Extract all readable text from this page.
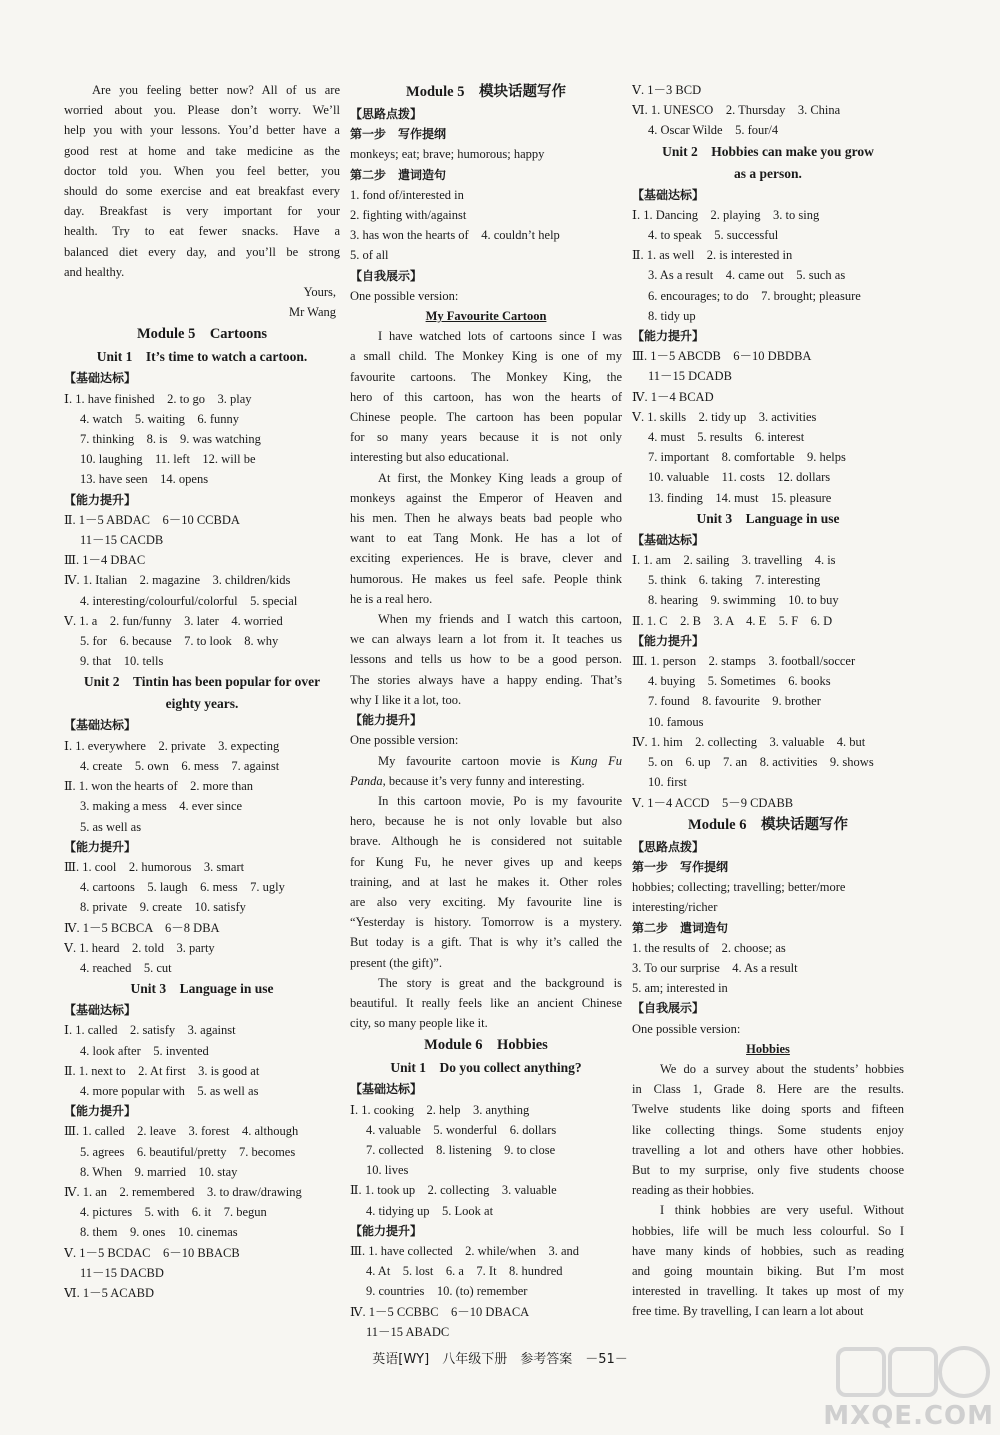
Are you feeling better now? All of us are
worried about you. Please don’t worry. We’ll
help you with your lessons. You’d better have a
good rest at home and take medicine as the
doctor told you. When you feel better, you
should do some exercise and eat breakfast every
day. Breakfast is very important for your
health. Try to eat fewer snacks. Have a
balanced diet every day, and you’ll be strong
and healthy.
Yours,
Mr Wang
Module 5　Cartoons
Unit 1　It’s time to watch a cartoon.
【基础达标】
Ⅰ. 1. have finished　2. to go　3. play
4. watch　5. waiting　6. funny
7. thinking　8. is　9. was watching
10. laughing　11. left　12. will be
13. have seen　14. opens
【能力提升】
Ⅱ. 1－5 ABDAC　6－10 CCBDA
11－15 CACDB
Ⅲ. 1－4 DBAC
Ⅳ. 1. Italian　2. magazine　3. children/kids
4. interesting/colourful/colorful　5. special
Ⅴ. 1. a　2. fun/funny　3. later　4. worried
5. for　6. because　7. to look　8. why
9. that　10. tells
Unit 2　Tintin has been popular for over
eighty years.
【基础达标】
Ⅰ. 1. everywhere　2. private　3. expecting
4. create　5. own　6. mess　7. against
Ⅱ. 1. won the hearts of　2. more than
3. making a mess　4. ever since
5. as well as
【能力提升】
Ⅲ. 1. cool　2. humorous　3. smart
4. cartoons　5. laugh　6. mess　7. ugly
8. private　9. create　10. satisfy
Ⅳ. 1－5 BCBCA　6－8 DBA
Ⅴ. 1. heard　2. told　3. party
4. reached　5. cut
Unit 3　Language in use
【基础达标】
Ⅰ. 1. called　2. satisfy　3. against
4. look after　5. invented
Ⅱ. 1. next to　2. At first　3. is good at
4. more popular with　5. as well as
【能力提升】
Ⅲ. 1. called　2. leave　3. forest　4. although
5. agrees　6. beautiful/pretty　7. becomes
8. When　9. married　10. stay
Ⅳ. 1. an　2. remembered　3. to draw/drawing
4. pictures　5. with　6. it　7. begun
8. them　9. ones　10. cinemas
Ⅴ. 1－5 BCDAC　6－10 BBACB
11－15 DACBD
Ⅵ. 1－5 ACABD
Module 5　模块话题写作
【思路点拨】
第一步　写作提纲
monkeys; eat; brave; humorous; happy
第二步　遣词造句
1. fond of/interested in
2. fighting with/against
3. has won the hearts of　4. couldn’t help
5. of all
【自我展示】
One possible version:
My Favourite Cartoon
I have watched lots of cartoons since I was
a small child. The Monkey King is one of my
favourite cartoons. The Monkey King, the
hero of this cartoon, has won the hearts of
Chinese people. The cartoon has been popular
for so many years because it is not only
interesting but also educational.
At first, the Monkey King leads a group of
monkeys against the Emperor of Heaven and
his men. Then he always beats bad people who
want to eat Tang Monk. He has a lot of
exciting experiences. He is brave, clever and
humorous. He makes us feel safe. People think
he is a real hero.
When my friends and I watch this cartoon,
we can always learn a lot from it. It teaches us
lessons and tells us how to be a good person.
The stories always have a happy ending. That’s
why I like it a lot, too.
【能力提升】
One possible version:
My favourite cartoon movie is Kung Fu
Panda, because it’s very funny and interesting.
In this cartoon movie, Po is my favourite
hero, because he is not only lovable but also
brave. Although he is considered not suitable
for Kung Fu, he never gives up and keeps
training, and at last he makes it. Other roles
are also very exciting. My favourite line is
“Yesterday is history. Tomorrow is a mystery.
But today is a gift. That is why it’s called the
present (the gift)”.
The story is great and the background is
beautiful. It really feels like an ancient Chinese
city, so many people like it.
Module 6　Hobbies
Unit 1　Do you collect anything?
【基础达标】
Ⅰ. 1. cooking　2. help　3. anything
4. valuable　5. wonderful　6. dollars
7. collected　8. listening　9. to close
10. lives
Ⅱ. 1. took up　2. collecting　3. valuable
4. tidying up　5. Look at
【能力提升】
Ⅲ. 1. have collected　2. while/when　3. and
4. At　5. lost　6. a　7. It　8. hundred
9. countries　10. (to) remember
Ⅳ. 1－5 CCBBC　6－10 DBACA
11－15 ABADC
Ⅴ. 1－3 BCD
Ⅵ. 1. UNESCO　2. Thursday　3. China
4. Oscar Wilde　5. four/4
Unit 2　Hobbies can make you grow
as a person.
【基础达标】
Ⅰ. 1. Dancing　2. playing　3. to sing
4. to speak　5. successful
Ⅱ. 1. as well　2. is interested in
3. As a result　4. came out　5. such as
6. encourages; to do　7. brought; pleasure
8. tidy up
【能力提升】
Ⅲ. 1－5 ABCDB　6－10 DBDBA
11－15 DCADB
Ⅳ. 1－4 BCAD
Ⅴ. 1. skills　2. tidy up　3. activities
4. must　5. results　6. interest
7. important　8. comfortable　9. helps
10. valuable　11. costs　12. dollars
13. finding　14. must　15. pleasure
Unit 3　Language in use
【基础达标】
Ⅰ. 1. am　2. sailing　3. travelling　4. is
5. think　6. taking　7. interesting
8. hearing　9. swimming　10. to buy
Ⅱ. 1. C　2. B　3. A　4. E　5. F　6. D
【能力提升】
Ⅲ. 1. person　2. stamps　3. football/soccer
4. buying　5. Sometimes　6. books
7. found　8. favourite　9. brother
10. famous
Ⅳ. 1. him　2. collecting　3. valuable　4. but
5. on　6. up　7. an　8. activities　9. shows
10. first
Ⅴ. 1－4 ACCD　5－9 CDABB
Module 6　模块话题写作
【思路点拨】
第一步　写作提纲
hobbies; collecting; travelling; better/more
interesting/richer
第二步　遣词造句
1. the results of　2. choose; as
3. To our surprise　4. As a result
5. am; interested in
【自我展示】
One possible version:
Hobbies
We do a survey about the students’ hobbies
in Class 1, Grade 8. Here are the results.
Twelve students like doing sports and fifteen
like collecting things. Some students enjoy
travelling a lot and others have other hobbies.
But to my surprise, only five students choose
reading as their hobbies.
I think hobbies are very useful. Without
hobbies, life will be much less colourful. So I
have many kinds of hobbies, such as reading
and going mountain biking. But I’m most
interested in travelling. It takes up most of my
free time. By travelling, I can learn a lot about
英语[WY]　八年级下册　参考答案　－51－
MXQE.COM
